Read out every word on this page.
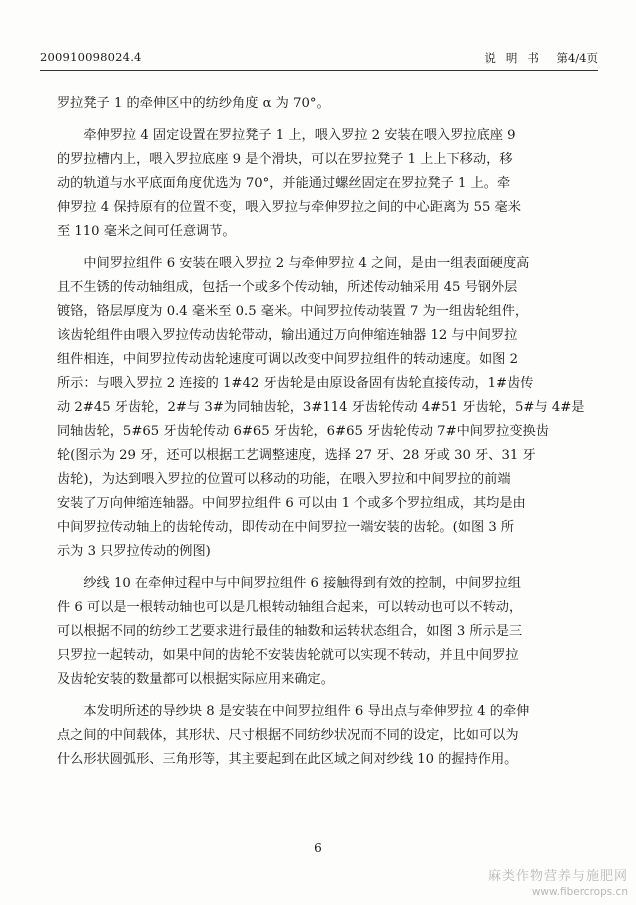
200910098024.4	说明书 第4/4页
罗拉凳子 1 的牵伸区中的纺纱角度 α 为 70°。
　　牵伸罗拉 4 固定设置在罗拉凳子 1 上，喂入罗拉 2 安装在喂入罗拉底座 9
的罗拉槽内上，喂入罗拉底座 9 是个滑块，可以在罗拉凳子 1 上上下移动，移
动的轨道与水平底面角度优选为 70°，并能通过螺丝固定在罗拉凳子 1 上。牵
伸罗拉 4 保持原有的位置不变，喂入罗拉与牵伸罗拉之间的中心距离为 55 毫米
至 110 毫米之间可任意调节。
　　中间罗拉组件 6 安装在喂入罗拉 2 与牵伸罗拉 4 之间，是由一组表面硬度高
且不生锈的传动轴组成，包括一个或多个传动轴，所述传动轴采用 45 号钢外层
镀铬，铬层厚度为 0.4 毫米至 0.5 毫米。中间罗拉传动装置 7 为一组齿轮组件，
该齿轮组件由喂入罗拉传动齿轮带动，输出通过万向伸缩连轴器 12 与中间罗拉
组件相连，中间罗拉传动齿轮速度可调以改变中间罗拉组件的转动速度。如图 2
所示：与喂入罗拉 2 连接的 1#42 牙齿轮是由原设备固有齿轮直接传动，1#齿传
动 2#45 牙齿轮，2#与 3#为同轴齿轮，3#114 牙齿轮传动 4#51 牙齿轮，5#与 4#是
同轴齿轮，5#65 牙齿轮传动 6#65 牙齿轮，6#65 牙齿轮传动 7#中间罗拉变换齿
轮(图示为 29 牙，还可以根据工艺调整速度，选择 27 牙、28 牙或 30 牙、31 牙
齿轮)，为达到喂入罗拉的位置可以移动的功能，在喂入罗拉和中间罗拉的前端
安装了万向伸缩连轴器。中间罗拉组件 6 可以由 1 个或多个罗拉组成，其均是由
中间罗拉传动轴上的齿轮传动，即传动在中间罗拉一端安装的齿轮。(如图 3 所
示为 3 只罗拉传动的例图)
　　纱线 10 在牵伸过程中与中间罗拉组件 6 接触得到有效的控制，中间罗拉组
件 6 可以是一根转动轴也可以是几根转动轴组合起来，可以转动也可以不转动，
可以根据不同的纺纱工艺要求进行最佳的轴数和运转状态组合，如图 3 所示是三
只罗拉一起转动，如果中间的齿轮不安装齿轮就可以实现不转动，并且中间罗拉
及齿轮安装的数量都可以根据实际应用来确定。
　　本发明所述的导纱块 8 是安装在中间罗拉组件 6 导出点与牵伸罗拉 4 的牵伸
点之间的中间载体，其形状、尺寸根据不同纺纱状况而不同的设定，比如可以为
什么形状圆弧形、三角形等，其主要起到在此区域之间对纱线 10 的握持作用。
6
麻类作物营养与施肥网
www.fibercrops.cn
